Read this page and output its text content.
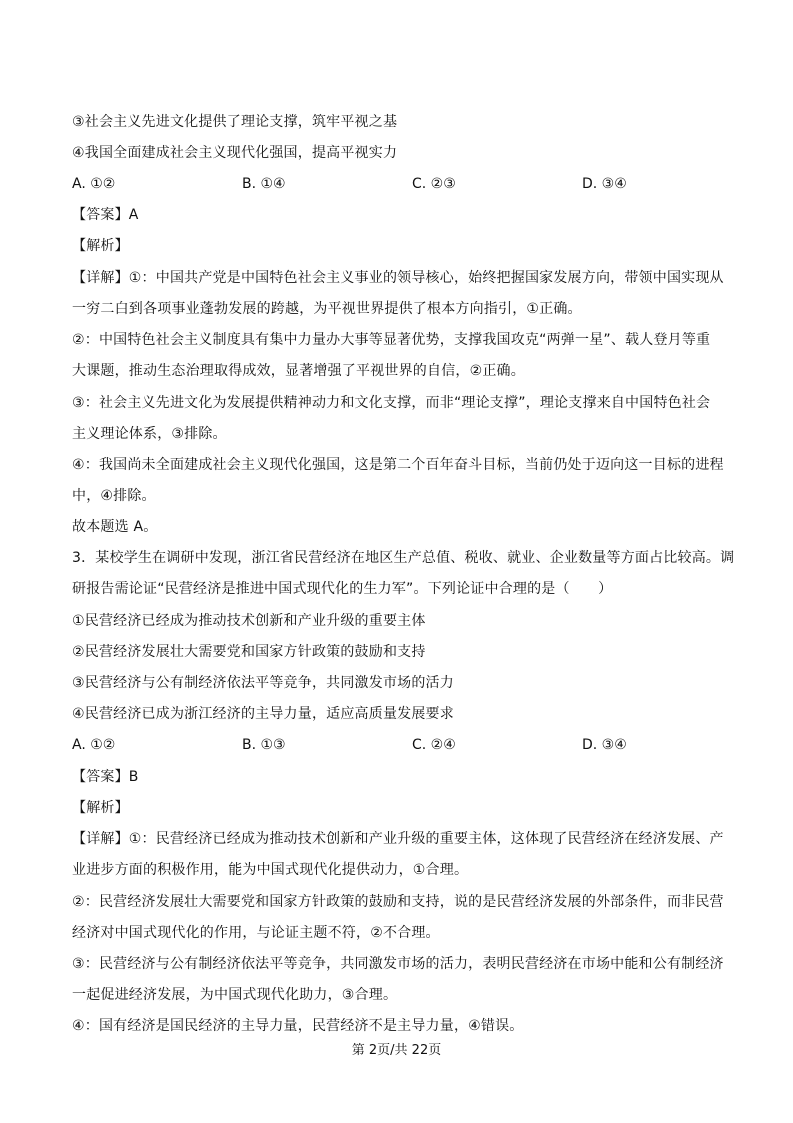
③社会主义先进文化提供了理论支撑，筑牢平视之基
④我国全面建成社会主义现代化强国，提高平视实力
A. ①②	B. ①④	C. ②③	D. ③④
【答案】A
【解析】
【详解】①：中国共产党是中国特色社会主义事业的领导核心，始终把握国家发展方向，带领中国实现从
一穷二白到各项事业蓬勃发展的跨越，为平视世界提供了根本方向指引，①正确。
②：中国特色社会主义制度具有集中力量办大事等显著优势，支撑我国攻克“两弹一星”、载人登月等重
大课题，推动生态治理取得成效，显著增强了平视世界的自信，②正确。
③：社会主义先进文化为发展提供精神动力和文化支撑，而非“理论支撑”，理论支撑来自中国特色社会
主义理论体系，③排除。
④：我国尚未全面建成社会主义现代化强国，这是第二个百年奋斗目标，当前仍处于迈向这一目标的进程
中，④排除。
故本题选 A。
3．某校学生在调研中发现，浙江省民营经济在地区生产总值、税收、就业、企业数量等方面占比较高。调
研报告需论证“民营经济是推进中国式现代化的生力军”。下列论证中合理的是（　　）
①民营经济已经成为推动技术创新和产业升级的重要主体
②民营经济发展壮大需要党和国家方针政策的鼓励和支持
③民营经济与公有制经济依法平等竞争，共同激发市场的活力
④民营经济已成为浙江经济的主导力量，适应高质量发展要求
A. ①②	B. ①③	C. ②④	D. ③④
【答案】B
【解析】
【详解】①：民营经济已经成为推动技术创新和产业升级的重要主体，这体现了民营经济在经济发展、产
业进步方面的积极作用，能为中国式现代化提供动力，①合理。
②：民营经济发展壮大需要党和国家方针政策的鼓励和支持，说的是民营经济发展的外部条件，而非民营
经济对中国式现代化的作用，与论证主题不符，②不合理。
③：民营经济与公有制经济依法平等竞争，共同激发市场的活力，表明民营经济在市场中能和公有制经济
一起促进经济发展，为中国式现代化助力，③合理。
④：国有经济是国民经济的主导力量，民营经济不是主导力量，④错误。
第 2页/共 22页
